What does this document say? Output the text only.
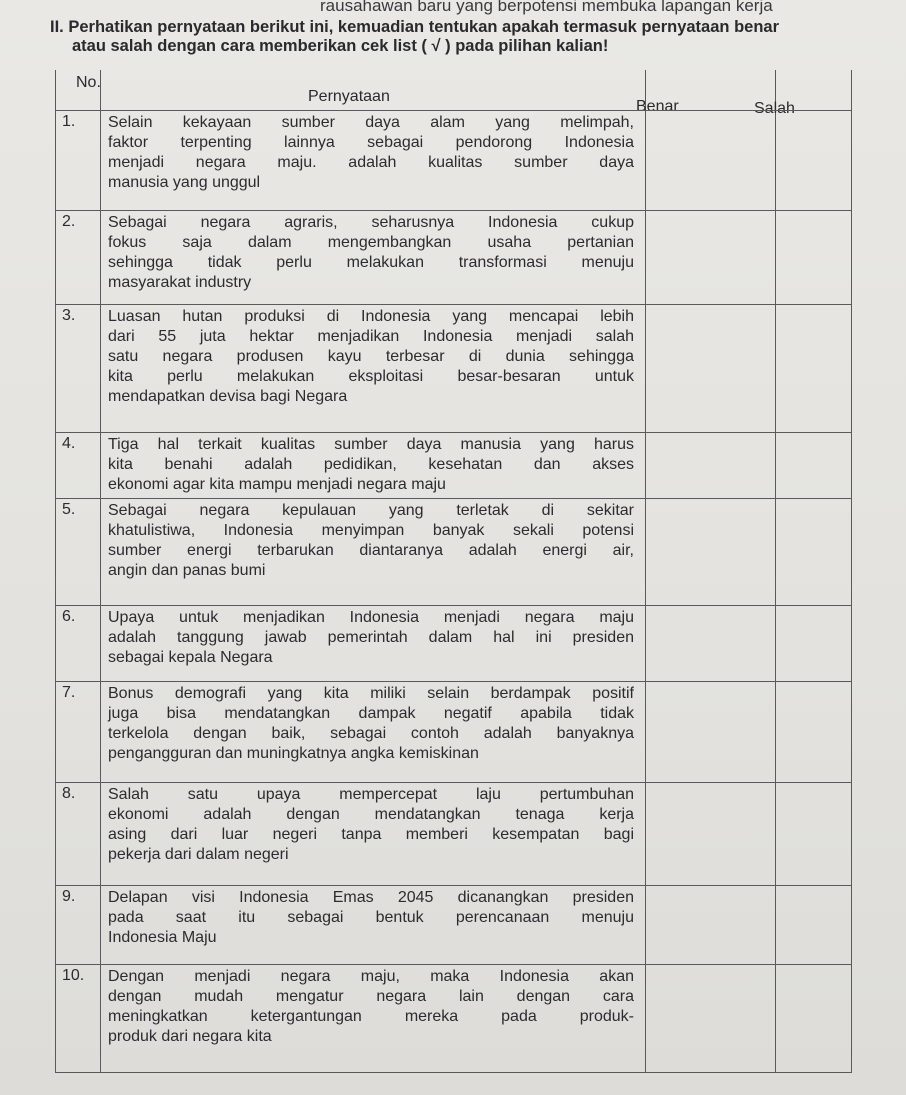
rausahawan baru yang berpotensi membuka lapangan kerja
II. Perhatikan pernyataan berikut ini, kemuadian tentukan apakah termasuk pernyataan benar
atau salah dengan cara memberikan cek list ( √ ) pada pilihan kalian!
No.
Pernyataan
Benar	Salah
1. Selain kekayaan sumber daya alam yang melimpah,
faktor terpenting lainnya sebagai pendorong Indonesia
menjadi negara maju. adalah kualitas sumber daya
manusia yang unggul
2. Sebagai negara agraris, seharusnya Indonesia cukup
fokus saja dalam mengembangkan usaha pertanian
sehingga tidak perlu melakukan transformasi menuju
masyarakat industry
3. Luasan hutan produksi di Indonesia yang mencapai lebih
dari 55 juta hektar menjadikan Indonesia menjadi salah
satu negara produsen kayu terbesar di dunia sehingga
kita perlu melakukan eksploitasi besar-besaran untuk
mendapatkan devisa bagi Negara
4. Tiga hal terkait kualitas sumber daya manusia yang harus
kita benahi adalah pedidikan, kesehatan dan akses
ekonomi agar kita mampu menjadi negara maju
5. Sebagai negara kepulauan yang terletak di sekitar
khatulistiwa, Indonesia menyimpan banyak sekali potensi
sumber energi terbarukan diantaranya adalah energi air,
angin dan panas bumi
6. Upaya untuk menjadikan Indonesia menjadi negara maju
adalah tanggung jawab pemerintah dalam hal ini presiden
sebagai kepala Negara
7. Bonus demografi yang kita miliki selain berdampak positif
juga bisa mendatangkan dampak negatif apabila tidak
terkelola dengan baik, sebagai contoh adalah banyaknya
pengangguran dan muningkatnya angka kemiskinan
8. Salah satu upaya mempercepat laju pertumbuhan
ekonomi adalah dengan mendatangkan tenaga kerja
asing dari luar negeri tanpa memberi kesempatan bagi
pekerja dari dalam negeri
9. Delapan visi Indonesia Emas 2045 dicanangkan presiden
pada saat itu sebagai bentuk perencanaan menuju
Indonesia Maju
10. Dengan menjadi negara maju, maka Indonesia akan
dengan mudah mengatur negara lain dengan cara
meningkatkan ketergantungan mereka pada produk-
produk dari negara kita
